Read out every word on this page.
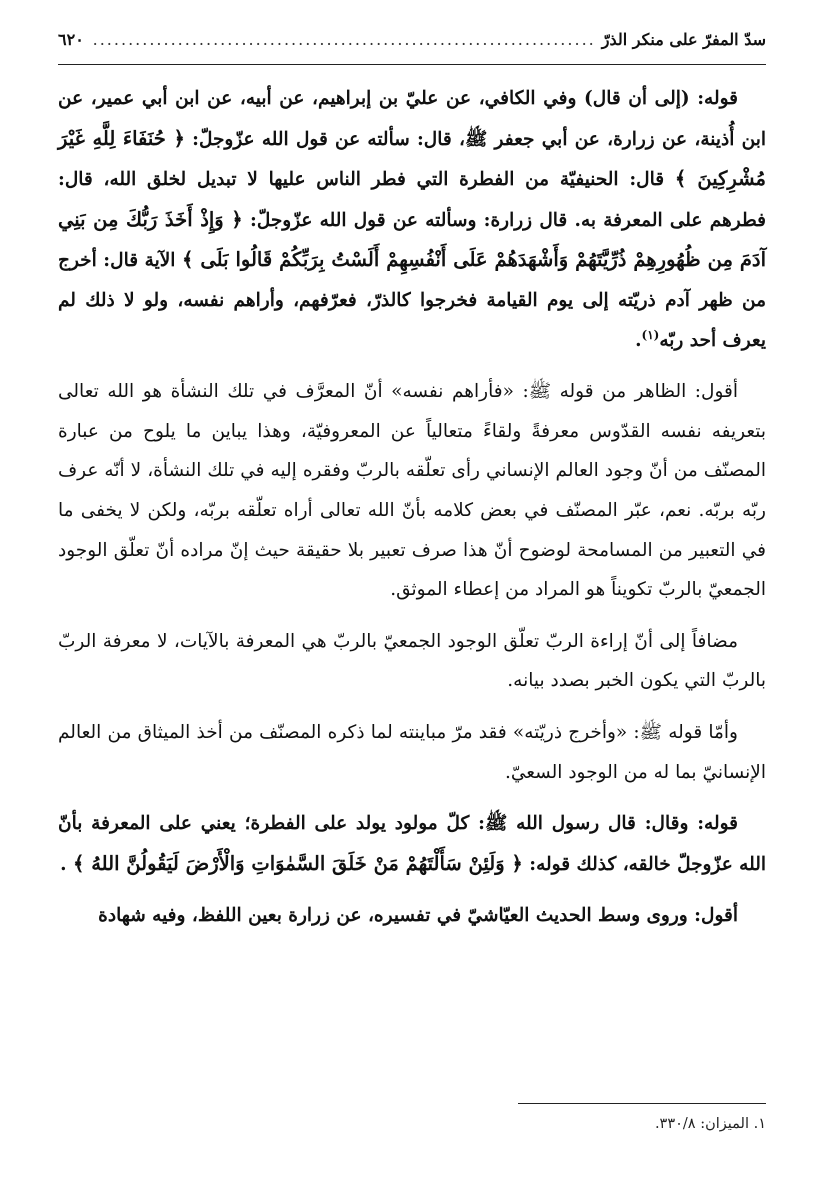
سدّ المفرّ على منكر الذرّ
.....
٦٢٠

قوله: (إلى أن قال) وفي الكافي، عن عليّ بن إبراهيم، عن أبيه، عن ابن أبي عمير، عن ابن أُذينة، عن زرارة، عن أبي جعفر ﷺ، قال: سألته عن قول الله عزّوجلّ: ﴿ حُنَفَاءَ لِلَّهِ غَيْرَ مُشْرِكِينَ ﴾ قال: الحنيفيّة من الفطرة التي فطر الناس عليها لا تبديل لخلق الله، قال: فطرهم على المعرفة به. قال زرارة: وسألته عن قول الله عزّوجلّ: ﴿ وَإِذْ أَخَذَ رَبُّكَ مِن بَنِي آدَمَ مِن ظُهُورِهِمْ ذُرِّيَّتَهُمْ وَأَشْهَدَهُمْ عَلَى أَنْفُسِهِمْ أَلَسْتُ بِرَبِّكُمْ قَالُوا بَلَى ﴾ الآية قال: أخرج من ظهر آدم ذريّته إلى يوم القيامة فخرجوا كالذرّ، فعرّفهم، وأراهم نفسه، ولو لا ذلك لم يعرف أحد ربّه$^{(١)}$.

أقول: الظاهر من قوله ﷺ: «فأراهم نفسه» أنّ المعرَّف في تلك النشأة هو الله تعالى بتعريفه نفسه القدّوس معرفةً ولقاءً متعالياً عن المعروفيّة، وهذا يباين ما يلوح من عبارة المصنّف من أنّ وجود العالم الإنساني رأى تعلّقه بالربّ وفقره إليه في تلك النشأة، لا أنّه عرف ربّه بربّه. نعم، عبّر المصنّف في بعض كلامه بأنّ الله تعالى أراه تعلّقه بربّه، ولكن لا يخفى ما في التعبير من المسامحة لوضوح أنّ هذا صرف تعبير بلا حقيقة حيث إنّ مراده أنّ تعلّق الوجود الجمعيّ بالربّ تكويناً هو المراد من إعطاء الموثق.

مضافاً إلى أنّ إراءة الربّ تعلّق الوجود الجمعيّ بالربّ هي المعرفة بالآيات، لا معرفة الربّ بالربّ التي يكون الخبر بصدد بيانه.

وأمّا قوله ﷺ: «وأخرج ذريّته» فقد مرّ مباينته لما ذكره المصنّف من أخذ الميثاق من العالم الإنسانيّ بما له من الوجود السعيّ.

قوله: وقال: قال رسول الله ﷺ: كلّ مولود يولد على الفطرة؛ يعني على المعرفة بأنّ الله عزّوجلّ خالقه، كذلك قوله: ﴿ وَلَئِنْ سَأَلْتَهُمْ مَنْ خَلَقَ السَّمٰوَاتِ وَالْأَرْضَ لَيَقُولُنَّ اللهُ ﴾ .

أقول: وروى وسط الحديث العيّاشيّ في تفسيره، عن زرارة بعين اللفظ، وفيه شهادة

١. الميزان: ٣٣٠/٨.
